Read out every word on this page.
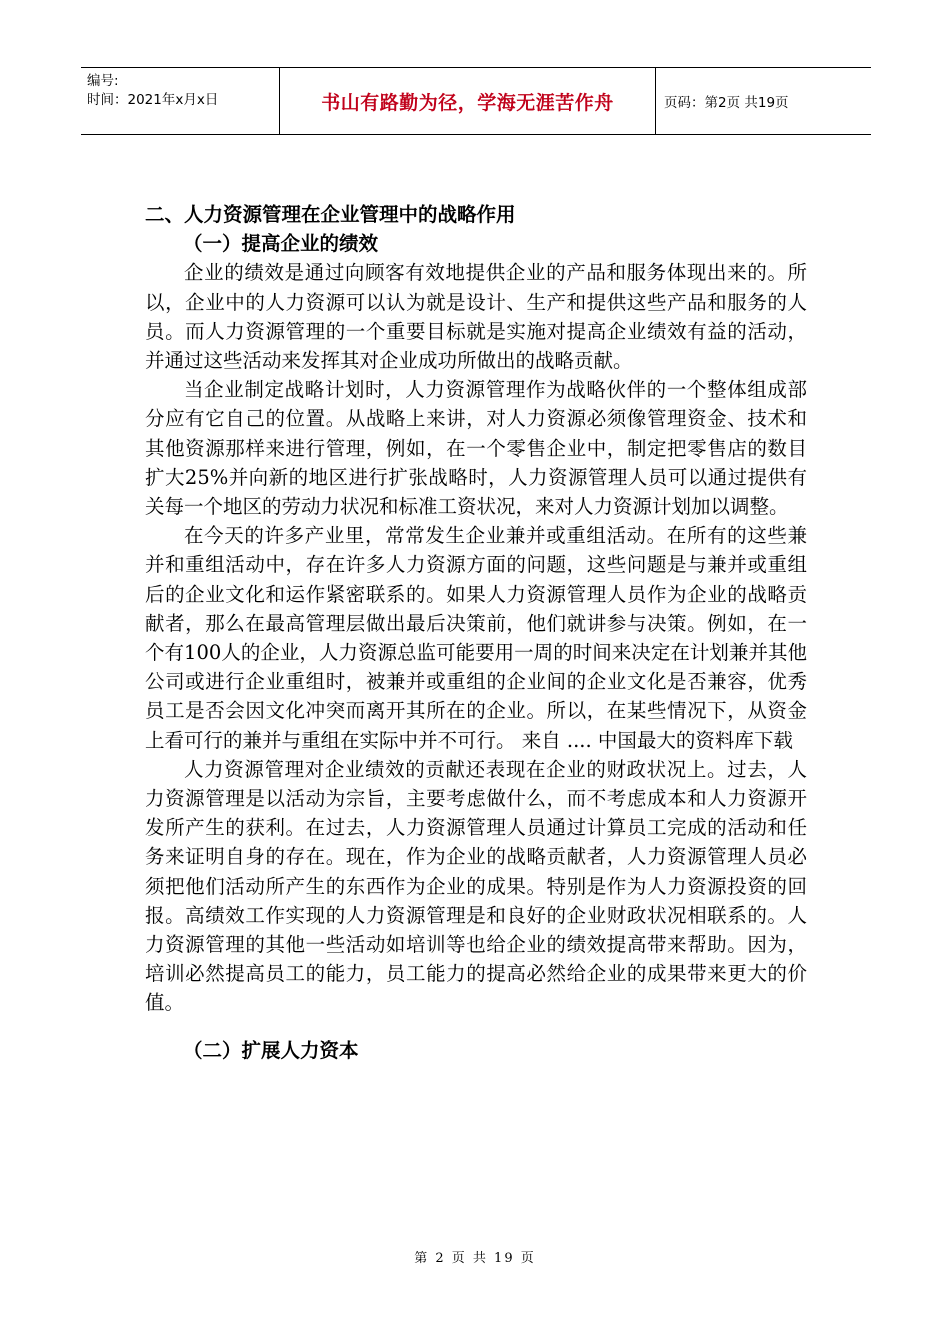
编号:
时间：2021年x月x日	书山有路勤为径，学海无涯苦作舟	页码：第2页 共19页

二、人力资源管理在企业管理中的战略作用

（一）提高企业的绩效

企业的绩效是通过向顾客有效地提供企业的产品和服务体现出来的。所以，企业中的人力资源可以认为就是设计、生产和提供这些产品和服务的人员。而人力资源管理的一个重要目标就是实施对提高企业绩效有益的活动，并通过这些活动来发挥其对企业成功所做出的战略贡献。

当企业制定战略计划时，人力资源管理作为战略伙伴的一个整体组成部分应有它自己的位置。从战略上来讲，对人力资源必须像管理资金、技术和其他资源那样来进行管理，例如，在一个零售企业中，制定把零售店的数目扩大25%并向新的地区进行扩张战略时，人力资源管理人员可以通过提供有关每一个地区的劳动力状况和标准工资状况，来对人力资源计划加以调整。

在今天的许多产业里，常常发生企业兼并或重组活动。在所有的这些兼并和重组活动中，存在许多人力资源方面的问题，这些问题是与兼并或重组后的企业文化和运作紧密联系的。如果人力资源管理人员作为企业的战略贡献者，那么在最高管理层做出最后决策前，他们就讲参与决策。例如，在一个有100人的企业，人力资源总监可能要用一周的时间来决定在计划兼并其他公司或进行企业重组时，被兼并或重组的企业间的企业文化是否兼容，优秀员工是否会因文化冲突而离开其所在的企业。所以，在某些情况下，从资金上看可行的兼并与重组在实际中并不可行。 来自 .... 中国最大的资料库下载

人力资源管理对企业绩效的贡献还表现在企业的财政状况上。过去，人力资源管理是以活动为宗旨，主要考虑做什么，而不考虑成本和人力资源开发所产生的获利。在过去，人力资源管理人员通过计算员工完成的活动和任务来证明自身的存在。现在，作为企业的战略贡献者，人力资源管理人员必须把他们活动所产生的东西作为企业的成果。特别是作为人力资源投资的回报。高绩效工作实现的人力资源管理是和良好的企业财政状况相联系的。人力资源管理的其他一些活动如培训等也给企业的绩效提高带来帮助。因为，培训必然提高员工的能力，员工能力的提高必然给企业的成果带来更大的价值。

（二）扩展人力资本

第 2 页 共 19 页
